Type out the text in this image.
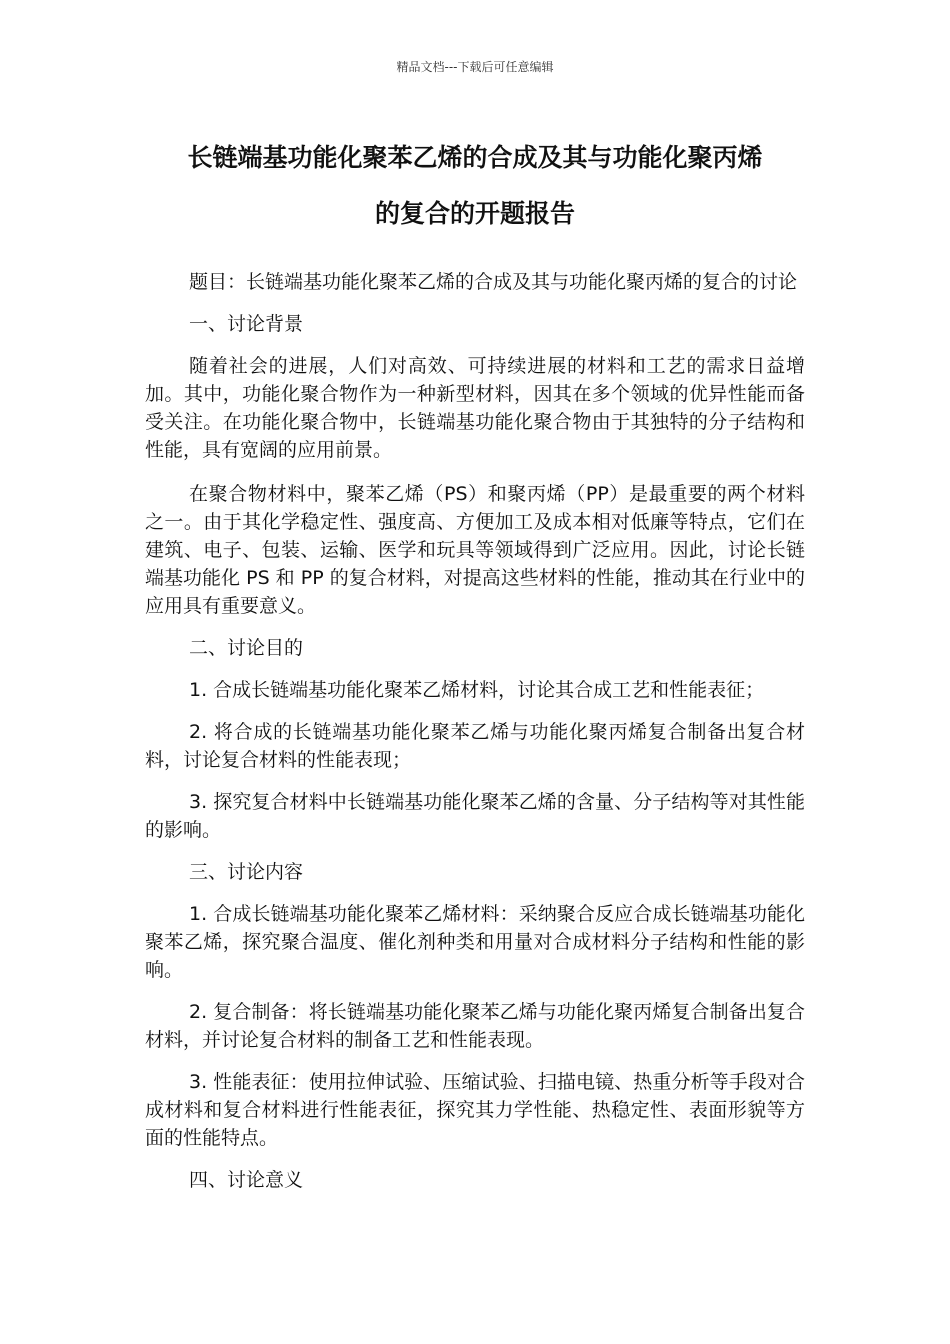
精品文档---下载后可任意编辑
长链端基功能化聚苯乙烯的合成及其与功能化聚丙烯
的复合的开题报告

题目：长链端基功能化聚苯乙烯的合成及其与功能化聚丙烯的复合的讨论

一、讨论背景

随着社会的进展，人们对高效、可持续进展的材料和工艺的需求日益增加。其中，功能化聚合物作为一种新型材料，因其在多个领域的优异性能而备受关注。在功能化聚合物中，长链端基功能化聚合物由于其独特的分子结构和性能，具有宽阔的应用前景。

在聚合物材料中，聚苯乙烯（PS）和聚丙烯（PP）是最重要的两个材料之一。由于其化学稳定性、强度高、方便加工及成本相对低廉等特点，它们在建筑、电子、包装、运输、医学和玩具等领域得到广泛应用。因此，讨论长链端基功能化 PS 和 PP 的复合材料，对提高这些材料的性能，推动其在行业中的应用具有重要意义。

二、讨论目的

1. 合成长链端基功能化聚苯乙烯材料，讨论其合成工艺和性能表征；

2. 将合成的长链端基功能化聚苯乙烯与功能化聚丙烯复合制备出复合材料，讨论复合材料的性能表现；

3. 探究复合材料中长链端基功能化聚苯乙烯的含量、分子结构等对其性能的影响。

三、讨论内容

1. 合成长链端基功能化聚苯乙烯材料：采纳聚合反应合成长链端基功能化聚苯乙烯，探究聚合温度、催化剂种类和用量对合成材料分子结构和性能的影响。

2. 复合制备：将长链端基功能化聚苯乙烯与功能化聚丙烯复合制备出复合材料，并讨论复合材料的制备工艺和性能表现。

3. 性能表征：使用拉伸试验、压缩试验、扫描电镜、热重分析等手段对合成材料和复合材料进行性能表征，探究其力学性能、热稳定性、表面形貌等方面的性能特点。

四、讨论意义
